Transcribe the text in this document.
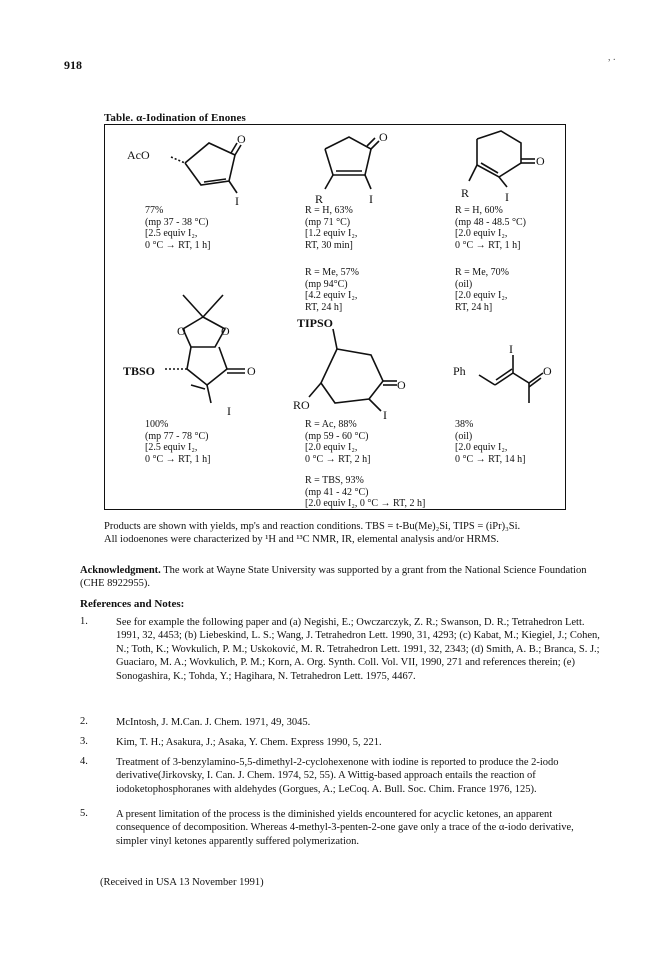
918
, .
Table. α-Iodination of Enones
AcO
O
I
77%
(mp 37 - 38 °C)
[2.5 equiv I₂,
0 °C → RT, 1 h]
O
R	I
R = H, 63%
(mp 71 °C)
[1.2 equiv I₂,
RT, 30 min]
R = Me, 57%
(mp 94°C)
[4.2 equiv I₂,
RT, 24 h]
O
R	I
R = H, 60%
(mp 48 - 48.5 °C)
[2.0 equiv I₂,
0 °C → RT, 1 h]
R = Me, 70%
(oil)
[2.0 equiv I₂,
RT, 24 h]
O	O
TBSO	O
I
100%
(mp 77 - 78 °C)
[2.5 equiv I₂,
0 °C → RT, 1 h]
TIPSO
O
RO
I
R = Ac, 88%
(mp 59 - 60 °C)
[2.0 equiv I₂,
0 °C → RT, 2 h]
R = TBS, 93%
(mp 41 - 42 °C)
[2.0 equiv I₂, 0 °C → RT, 2 h]
I
Ph	O
38%
(oil)
[2.0 equiv I₂,
0 °C → RT, 14 h]
Products are shown with yields, mp's and reaction conditions. TBS = t-Bu(Me)₂Si, TIPS = (iPr)₃Si.
All iodoenones were characterized by ¹H and ¹³C NMR, IR, elemental analysis and/or HRMS.
Acknowledgment. The work at Wayne State University was supported by a grant from the National Science Foundation (CHE 8922955).
References and Notes:
1.	See for example the following paper and (a) Negishi, E.; Owczarczyk, Z. R.; Swanson, D. R.; Tetrahedron Lett. 1991, 32, 4453; (b) Liebeskind, L. S.; Wang, J. Tetrahedron Lett. 1990, 31, 4293; (c) Kabat, M.; Kiegiel, J.; Cohen, N.; Toth, K.; Wovkulich, P. M.; Uskoković, M. R. Tetrahedron Lett. 1991, 32, 2343; (d) Smith, A. B.; Branca, S. J.; Guaciaro, M. A.; Wovkulich, P. M.; Korn, A. Org. Synth. Coll. Vol. VII, 1990, 271 and references therein; (e) Sonogashira, K.; Tohda, Y.; Hagihara, N. Tetrahedron Lett. 1975, 4467.
2.	McIntosh, J. M.Can. J. Chem. 1971, 49, 3045.
3.	Kim, T. H.; Asakura, J.; Asaka, Y. Chem. Express 1990, 5, 221.
4.	Treatment of 3-benzylamino-5,5-dimethyl-2-cyclohexenone with iodine is reported to produce the 2-iodo derivative(Jirkovsky, I. Can. J. Chem. 1974, 52, 55). A Wittig-based approach entails the reaction of iodoketophosphoranes with aldehydes (Gorgues, A.; LeCoq. A. Bull. Soc. Chim. France 1976, 125).
5.	A present limitation of the process is the diminished yields encountered for acyclic ketones, an apparent consequence of decomposition. Whereas 4-methyl-3-penten-2-one gave only a trace of the α-iodo derivative, simpler vinyl ketones apparently suffered polymerization.
(Received in USA 13 November 1991)
